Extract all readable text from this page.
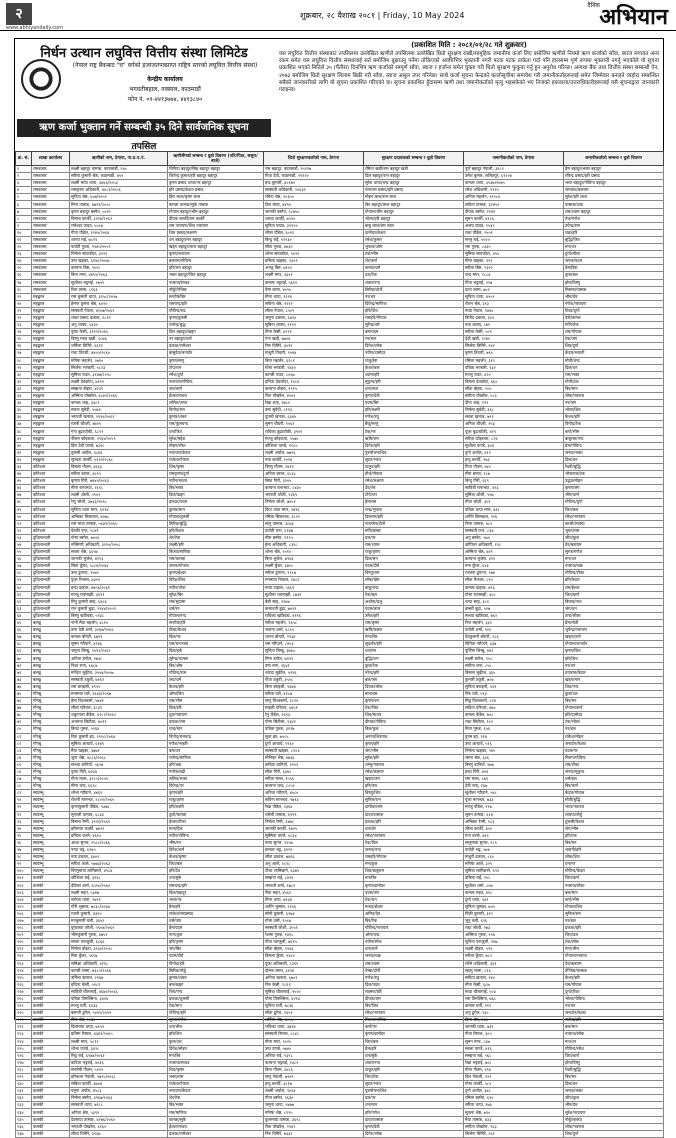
२
www.abhiyandaily.com
शुक्रबार, २८ वैशाख २०८१ | Friday, 10 May 2024
दैनिक अभियान
निर्धन उत्थान लघुवित्त वित्तीय संस्था लिमिटेड
(नेपाल राष्ट्र बैंकबाट "घ" वर्गको इजाजतपत्रप्राप्त राष्ट्रिय स्तरको लघुवित्त वित्तीय संस्था)
केन्द्रीय कार्यालय
भगवतीबहाल, नक्साल, काठमाडौं
फोन नं. ०१-४४१३७७४, ४४१३८४०
ऋण कर्जा भुक्तान गर्ने सम्बन्धी ३५ दिने सार्वजनिक सूचना
तपसिल
(प्रकाशित मिति : २०८१/०१/२८ गते शुक्रवार)
यस लघुवित्त वित्तीय संस्थाबाट तपसिलमा उल्लेखित ऋणीले तपसिलमा उल्लेखित धितो सुरक्षण राखी/सामुहिक जमानीमा कर्जा लिए बमोजिम ऋणीले नियमो ऋण कर्जाको साँवा, ब्याज लगायत अन्य रकम समेत यस लघुवित्त वित्तीय संस्थालाई सर्त बमोजिम बुझाउनु पर्नेमा तोकिएको अवधिभित्र भुक्तानी नगरी पटक पटक ताकेता गर्दा पनि हालसम्म पूर्ण रूपमा भुक्तानी नगर्नु भएकोले यो सूचना प्रकाशित भएको मितिले ३५ (पैंतीस) दिनभित्र ऋण कर्जाको सम्पूर्ण साँवा, ब्याज र हर्जाना समेत चुक्ता गरी धितो सुरक्षण फुकुवा गर्नु हुन अनुरोध गरिन्छ। अन्यथा बैंक तथा वित्तीय संस्था सम्बन्धी ऐन, २०७३ बमोजिम धितो सुरक्षण लिलाम बिक्री गरी साँवा, ब्याज असुल उपर गरिनेछ। साथै कर्जा सूचना केन्द्रको कालोसूचीमा समावेश गरी जमानीकर्ताहरूलाई समेत जिम्मेवार बनाइने व्यहोरा सम्बन्धित सबैको जानकारीको लागि यो सूचना प्रकाशित गरिएको छ। सूचना प्रकाशित हुँदासम्म ऋणी तथा जमानीकर्ताको मृत्यु भइसकेको भए निजको हकवाला/उत्तराधिकारीहरूलाई यसै सूचनाद्वारा जानकारी गराइन्छ।
क्र. सं.	शाखा कार्यालय	ऋणीको नाम, ठेगाना, ना.प्र.प.नं.	ऋणीसँगको सम्बन्ध र धुत्रो विवरण (पति/पिता, ससुरा/बाजे)	धितो सुरक्षणकर्ताको नाम, ठेगाना	सुरक्षण प्रदायकको सम्बन्ध र धुत्रो विवरण	जमानीकर्ताको नाम, ठेगाना	जमानीकर्ताको सम्बन्ध र धुत्रो विवरण
१	रामबजार	लक्ष्मी बहादुर तामाङ, काठमाडौं, २४०	चिनिया बहादुर/सिंह बहादुर बहादुर	राम बहादुर, काठमाडौं, २५१२७	रमिता खत्री/राम बहादुर खत्री	पुर्ण बहादुर नेपाली, ३९८२	प्रेम बहादुर/भक्त बहादुर
२	रामबजार	सरिता कुमारी श्रेष्ठ, काठमाडौं, ४५९	जितेन्द्र कुमार/हरि बहादुर बहादुर	गिता देवी, काठमाडौं, २९१२०	दिल बहादुर/रत्न बहादुर	उमेश कुमार, ललितपुर, ६१२०४	रविन्द्र प्रसाद/हरि प्रसाद
३	रामबजार	लक्ष्मी माया थापा, ३४६६/२०५३	कृष्ण प्रसाद थापा/नर बहादुर	इन्द्र कुमारी, ३०१७२	सुरेश थापा/चन्द्र बहादुर	कमला थापा, ३५३७२/०७५	भरत बहादुर/गोविन्द बहादुर
४	रामबजार	रामकृष्ण अधिकारी, ४०८१/२०५६	हरि प्रसाद/केशव प्रसाद	सरस्वती अधिकारी, २०६३२	नारायण प्रसाद/हरि प्रसाद	रमेश अधिकारी, ९९२५	जगन्नाथ/बलराम
५	रामबजार	सुनिता श्रेष्ठ, ६०७/२०५१	हिरा लाल/कृष्ण लाल	रविना श्रेष्ठ, १०३५५	मोहन लाल/राम लाल	अनिता महर्जन, २९२८४	सुरेश/हरि लाल
६	रामबजार	मिना तामाङ, ४७१९/२०५८	कान्छा तामाङ/सुके तामाङ	दिल माया, ४४९५	बिर बहादुर/लाल बहादुर	सविता तामाङ, ३२४५२	पासाङ/दावा
७	रामबजार	कृष्ण बहादुर बस्नेत, ५०११	गोपाल बहादुर/भीम बहादुर	जानकी बस्नेत, २८७५०	गोपाल/भीम बहादुर	दीपक बस्नेत, ११४९	राम/श्याम बहादुर
८	रामबजार	विमला कार्की, ३२१४/२०६२	दीपक कार्की/राम कार्की	शारदा कार्की, ७५२०	भोला/हरि बहादुर	सुमन कार्की, ४१८६	तेज/गणेश
९	रामबजार	रामेश्वर यादव, ५०८७	राम नारायण/शिव नारायण	सुनिता यादव, ३१२२०	बाबु लाल/राम लाल	अजय यादव, १५३२	उपेन्द्र/राम
१०	रामबजार	गीता पौडेल, २२४५/२०६४	शिव प्रसाद/लक्ष्मण	लीला पौडेल, ६०२१	दामोदर/केशव	राधा पौडेल, २५५१	चक्र/हरि
११	रामबजार	शान्ता राई, ७८२१	धन बहादुर/मन बहादुर	बिन्दु राई, १२९३०	रमेश/कुमार	सन्जु राई, ५५२०	बुद्धि/जित
१२	रामबजार	पार्वती गुरुङ, १९४५/२०५९	खड्ग बहादुर/लाल बहादुर	सीता गुरुङ, ४४३०	भुपाल/ओम	रमा गुरुङ, ८३३०	मन/धन
१३	रामबजार	निर्मला सापकोटा, ३२२१	कृष्ण/नारायण	शोभा सापकोटा, ९०१२	टंक/भीम	सुमित्रा सापकोटा, ४५५	दुर्गा/लीला
१४	रामबजार	उषा खड्का, ६१४०/२०६७	बलराम/गोविन्द	प्रमिला खड्का, २३०९	शेर/कर्ण	मीना खड्का, ९९१	जनक/पदम
१५	रामबजार	कल्पना बिष्ट, ५५२८	हरि/राम बहादुर	अञ्जु बिष्ट, ७१०२	कमल/धर्म	सरिता बिष्ट, १३२०	प्रेम/हिरा
१६	रामबजार	बिना मगर, ४४९२/२०६३	भक्त बहादुर/जित बहादुर	लक्ष्मी मगर, ३३०१	दल/टेक	चन्द्र मगर, १८८४	कुल/बल
१७	रामबजार	सुशीला भट्टराई, २७५१	नवराज/माधव	कमला भट्टराई, ५६१२	शंकर/नन्द	गीता भट्टराई, २२७	होम/विष्णु
१८	रामबजार	रिता लामा, ८१६३	नोर्बु/तेन्जिङ	पेमा लामा, ४०५५	छिरिङ/दोर्जे	दावा लामा, ७०२	मिङमा/पासाङ
१९	महङ्काल	राम कुमारी थापा, ३२५८/२०५७	सन्तोष/बिर	मीना थापा, १२१४	नर/धन	सुनिता थापा, ४५५१	भीम/देव
२०	महङ्काल	हेमन्त कुमार श्रेष्ठ, ६०२०	रामचन्द्र/हरि	सविना श्रेष्ठ, ९२११	दिपेन्द्र/माणिक	रोशन श्रेष्ठ, ३१३	गणेश/नारायण
२१	महङ्काल	सरस्वती नेपाल, ४१०७/२०६१	गोविन्द/रुद्र	लीला नेपाल, ८५०९	हरि/शिव	माया नेपाल, १४४०	टिका/दुर्गा
२२	महङ्काल	शंकर प्रसाद ढकाल, २८१२	कृष्ण/तुलसी	जमुना ढकाल, ६४२०	रामहरि/गोपाल	बिनोद ढकाल, ६२०	देवी/कमल
२३	महङ्काल	अनु शाक्य, ५३३०	राजेन्द्र/बुद्ध	सुबिना शाक्य, ११०९	सुरेन्द्र/धर्म	रुपा शाक्य, ८७१	मणि/तेज
२४	महङ्काल	पुष्पा केसी, ३९११/२०६५	दिल बहादुर/खड्ग	मिना केसी, ४२२१	बम/पदम	सरिता केसी, ५०९	राम/गोपाल
२५	महङ्काल	विष्णु माया खत्री, १८७६	नर बहादुर/कर्ण	गंगा खत्री, ७७०४	रन/मान	देवी खत्री, २२४०	टेक/जंग
२६	महङ्काल	शर्मिला घिमिरे, ६६१२	प्रकाश/रामेश्वर	निरु घिमिरे, ३०२९	दिनेश/लोक	सिर्जना घिमिरे, १४२	शिव/दुर्गा
२७	महङ्काल	राधा तिवारी, ४४०५/२०६०	बासुदेव/जनार्दन	माधुरी तिवारी, ९०४४	नवीन/दामोदर	कृष्ण तिवारी, ७६०	केदार/भवानी
२८	महङ्काल	मनिषा महर्जन, २७९०	कृष्ण/सानु	बिना महर्जन, ६१८१	राजु/हेरा	रमिला महर्जन, ३१२	मोती/चन्द्र
२९	महङ्काल	सिर्जना भण्डारी, ५८२३	टोप/रत्न	गोमा भण्डारी, २४३०	केशर/बल	पवित्रा भण्डारी, ९३२	दिल/धन
३०	महङ्काल	सुमित्रा राउत, ३१४७/२०५८	रमेश/दुर्गा	कान्छी राउत, ८०६७	श्याम/हरि	मञ्जु राउत, ४२०	राम/भक्त
३१	महङ्काल	लक्ष्मी देवकोटा, ७११२	नारायण/गोविन्द	इन्दिरा देवकोटा, १२८४	मुकुन्द/हरि	विमला देवकोटा, ६६०	गोपी/टंक
३२	महङ्काल	सम्झना बोहरा, ४२३९	जय/कर्ण	कल्पना बोहरा, ९९१५	धन/लाल	सीता बोहरा, २०५	बिर/मान
३३	महङ्काल	अस्मिता पोखरेल, ६०३५/२०६६	ईश्वर/माधव	रीता पोखरेल, ४५०९	कृष्ण/देवी	संगीता पोखरेल, ५८३	लोक/नवराज
३४	महङ्काल	कमला शाह, ३३८२	ललित/जगत	रेखा शाह, २७८०	पदम/बिर	दीपा शाह, १९२	नर/जंग
३५	महङ्काल	सपना सुवेदी, ५५७१	विनोद/राम	उमा सुवेदी, ८११३	हरि/लक्ष्मी	निर्मला सुवेदी, ३६८	भोला/शिव
३६	महङ्काल	भगवती खनाल, २९९०/२०६२	कुमार/शंकर	पुतली खनाल, ६३४५	गणेश/रघु	सरला खनाल, ७९१	केशव/हरि
३७	महङ्काल	रजनी चौधरी, ४७२५	राम/फूलचन्द	सुमन चौधरी, १०६२	बैजु/सन्तु	अनिता चौधरी, २५३	विनोद/टेक
३८	महङ्काल	गंगा बुढाथोकी, ६८११	धन/जित	राधिका बुढाथोकी, ३९०२	टेक/नर	पूजा बुढाथोकी, ४१९	कर्ण/भीम
३९	महङ्काल	नीलम कोइराला, २२६४/२०५९	सुरेश/महेश	मञ्जु कोइराला, ५५७०	ऋषि/राम	सरिता कोइराला, ८२६	बाबुराम/नन्द
४०	महङ्काल	हिरा देवी पाण्डे, ७३९८	मोहन/रमेश	कौशिला पाण्डे, ११८०	दिनेश/हरि	सुशीला पाण्डे, ३०४	प्रेम/गोविन्द
४१	महङ्काल	तुलसी अर्याल, ३८४६	नारायण/केदार	लक्ष्मी अर्याल, ७७२६	पुरुषोत्तम/शिव	दुर्गा अर्याल, ६१२	जनक/भक्त
४२	महङ्काल	सुजाता कार्की, ५१२०/२०६८	राजेश/गोपाल	रुपा कार्की, २०१४	सुदन/भरत	इन्दु कार्की, १७३	दिल/धन
४३	कोटेश्वर	बिमला गौतम, ४६६३	शिव/कृष्ण	विष्णु गौतम, ९४११	ठाकुर/हरि	गिता गौतम, ५४०	रेवती/बुद्धि
४४	कोटेश्वर	सरिता बराल, ३०९५	रामकृष्ण/दुर्गा	अनिता बराल, ६५३८	तीर्थ/गोपाल	मीरा बराल, २८७	भोजराज/टंक
४५	कोटेश्वर	कृष्णा गिरी, ७४४०/२०६३	नवीन/माधव	सिता गिरी, ३२०५	रमेश/लक्ष्मण	बिन्दु गिरी, ६६९	उद्धव/मोहन
४६	कोटेश्वर	मीना रानाभाट, २६१८	बिर/भक्त	कल्पना रानाभाट, ८४३०	देव/शेर	सावित्री रानाभाट, ४२३	कृष्ण/जंग
४७	कोटेश्वर	लक्ष्मी ओली, ५९०२	दिल/खड्ग	भगवती ओली, १३६९	टोपे/धन	सुमित्रा ओली, ९०७	भीम/कर्ण
४८	कोटेश्वर	रेणु जोशी, ३७३३/२०६०	प्रकाश/पदम	निर्मला जोशी, ७०५१	हेम/राम	गीता जोशी, ३५१	गोविन्द/दुर्गा
४९	कोटेश्वर	सुनिता थापा मगर, ६२१४	कुमार/मान	दिपा थापा मगर, २४९६	चन्द्र/भुपाल	पवित्रा थापा मगर, ७१८	जित/बल
५०	कोटेश्वर	अम्बिका सिलवाल, ४०७८	गोपाल/तुलसी	रमिला सिलवाल, ९८२२	दिलराम/हरि	शान्ति सिलवाल, २१६	रमेश/नारायण
५१	कोटेश्वर	राम माया तामाङ, ५४३१/२०६५	छिरिङ/बुद्धि	सानु तामाङ, ३८७३	ग्याल्जेन/दोर्जे	निमा तामाङ, ४८२	काजी/लाक्पा
५२	कोटेश्वर	देवकी पन्त, २८४९	हरि/केशव	पार्वती पन्त, ६१४७	मणि/डम्बर	सरस्वती पन्त, ८३४	भुवन/राम
५३	दुधिलाभाती	गोमा बस्नेत, ७००६	शेर/टेक	मीरा बस्नेत, ११२५	दल/नर	अनु बस्नेत, ५७०	जीत/कुल
५४	दुधिलाभाती	रुक्मिणी अधिकारी, ३२९०/२०५८	लक्ष्मी/हरि	हेमा अधिकारी, ८३९८	राम/श्याम	कोपिला अधिकारी, १९८	देव/बलराम
५५	दुधिलाभाती	सरला श्रेष्ठ, ६६५७	बिजय/माणिक	शोभा श्रेष्ठ, २५१०	राजु/कृष्ण	अस्मिता श्रेष्ठ, ७२१	सुरज/गणेश
५६	दुधिलाभाती	जानकी भुजेल, ४१९३	राम/कान्छा	बिना भुजेल, ७९६४	दिल/सन	कल्पना भुजेल, ३९२	मन/धन
५७	दुधिलाभाती	सिता कुँवर, ५८८४/२०६४	जनक/गोपाल	लक्ष्मी कुँवर, ३४०८	पदम/दीर्घ	मना कुँवर, ६४३	नवराज/चक्र
५८	दुधिलाभाती	उमा ढुंगाना, २५७२	कृष्ण/ईश्वर	सरिता ढुंगाना, ९१८७	विष्णु/राम	रञ्जना ढुंगाना, २७४	गोविन्द/टीका
५९	दुधिलाभाती	पुजा रिजाल, ७३२५	दिनेश/शिव	मनमाया रिजाल, १४८२	लोक/खेम	सीता रिजाल, ८९५	हरि/केदार
६०	दुधिलाभाती	इन्द्रा दाहाल, ४७५६/२०६१	नवीन/तोया	माया दाहाल, ५६६१	बाबु/चन्द्र	कमला दाहाल, ४१३	राम/ईश्वर
६१	दुधिलाभाती	मञ्जु रायमाझी, ३६९१	सुरेश/बिर	सुशीला रायमाझी, ८७३९	टेक/बल	गोमा रायमाझी, ६०८	जित/कर्ण
६२	दुधिलाभाती	मिनु कुमारी साह, ६३०३	राम/सुदामा	बेबी साह, २२७४	अशोक/प्रभु	चन्दा साह, ३८१	बिजय/नाथ
६३	दुधिलाभाती	रत्न कुमारी बुढा, २९४४/२०५९	धर्म/रन	कलावती बुढा, ७०२९	पदम/लाल	डम्बरी बुढा, ५२७	जंग/धन
६४	दुधिलाभाती	बिष्णु खतिवडा, ५१३८	गोपाल/नन्द	राधिका खतिवडा, ४११६	उमेश/हरि	सन्ध्या खतिवडा, ७६२	तारा/लीला
६५	बल्खु	नानी मैया महर्जन, ४८१०	सन्तोष/हरि	सरिता महर्जन, १३५८	राम/कृष्ण	रिना महर्जन, ३३२	प्रेम/मोती
६६	बल्खु	तारा देवी शर्मा, ३०६७/२०६६	टीका/केशव	भावना शर्मा, ६८२५	ऋषि/कमल	पार्वती शर्मा, ९०१	भुपेन्द्र/नारायण
६७	बल्खु	कमला बोगटी, ६७१९	दिल/नर	शान्ता बोगटी, २९३४	मान/बिर	देवकुमारी बोगटी, २८६	खड्ग/कर्ण
६८	बल्खु	सुष्मा न्यौपाने, ४२४६	राम/धनञ्जय	रमा न्यौपाने, ८४५३	सुदर्शन/हरि	विनिता न्यौपाने, ६३७	गोपाल/जनार्दन
६९	बल्खु	जमुना लिम्बु, ५५९२/२०६२	दिल/हर्क	सुनिता लिम्बु, ३७६०	धन/मन	पूर्णिमा लिम्बु, ४४९	कृष्ण/जित
७०	बल्खु	अनिता डंगोल, २७३८	सुरेन्द्र/कान्छा	मिना डंगोल, ७१०९	बुद्धि/रत्न	लक्ष्मी डंगोल, १५८	हरि/शिव
७१	बल्खु	निशा राना, ६४८७	बिर/ओम	उषा राना, १६४१	कुल/टेक	संगीता राना, ८५५	नर/धन
७२	बल्खु	मन्दिरा लुईटेल, ३५५४/२०५७	गोविन्द/राम	शारदा लुईटेल, ५२९६	नरेन्द्र/हरि	बिमला लुईटेल, ३६५	दयाराम/केदार
७३	बल्खु	सरस्वती ठकुरी, ७१६२	जय/धर्म	गीता ठकुरी, ३५२८	बल/जंग	कुमारी ठकुरी, ७०४	खड्ग/मान
७४	बल्खु	रमा बराइली, ४९२५	केशव/हरि	बिना बराइली, ९६७४	दिपक/लोक	सुनिता बराइली, २३१	शिव/नन्द
७५	गोंगबु	मनमाया घले, २६४३/२०६७	ओम/जित	सरिता घले, ४२८७	मान/बम	निरु घले, ५९३	कुल/दल
७६	गोंगबु	हेमा विश्वकर्मा, ५७४१	राम/भीम	सानु विश्वकर्मा, १८१५	कृष्ण/धन	मिठु विश्वकर्मा, ८२४	बिर/मन
७७	गोंगबु	लीला परियार, ३८३९	दिल/हरि	माइली परियार, ६४५१	टेक/जित	सविता परियार, ४७०	गोपाल/कर्ण
७८	गोंगबु	शकुन्तला कँडेल, ६९८२/२०६०	ध्रुव/नारायण	रेनु कँडेल, २६९३	शिव/माधव	कमला कँडेल, ७९८	हरि/दामोदर
७९	गोंगबु	अञ्जना सिटौला, ४०११	प्रकाश/राम	गोमा सिटौला, ९३४२	दीपक/गोविन्द	राधा सिटौला, १०२	टंक/भोला
८०	गोंगबु	बिन्दा गुरुङ, ५२६४	चन्द्र/मान	पवित्रा गुरुङ, ३११७	डिल/कुल	मिना गुरुङ, ६५६	नर/बल
८१	गोंगबु	रिता कुमारी झा, २९१८/२०६४	विनोद/रामचन्द्र	सुधा झा, ७५८५	अरुण/शिवनाथ	पुनम झा, २१४	राकेश/मोहन
८२	गोंगबु	सुमित्रा आचार्य, ६१४९	गणेश/नरहरि	दुर्गा आचार्य, १९६०	कृष्ण/हरि	उषा आचार्य, ५१६	जनार्दन/केशव
८३	गोंगबु	मैया खड्का, ३७७१	बम/धन	सरस्वती खड्का, ८२०३	जंग/भीम	निर्मला खड्का, ९४५	पदम/नर
८४	गोंगबु	जुना श्रेष्ठ, ४८८६/२०६८	राजेन्द्र/माणिक	मोनिका श्रेष्ठ, ४७३६	सुरेश/हरि	रसना श्रेष्ठ, ३३६	मिलन/गोविन्द
८५	गोंगबु	सन्ध्या बानियाँ, ५६२७	हरि/चक्र	कविता बानियाँ, २२०९	शम्भु/नवराज	बिष्णु बानियाँ, ६७७	राम/टीका
८६	गोंगबु	पुष्पा गिरी, ७२३४	मनोज/बद्री	सीता गिरी, ६३४८	रमेश/लक्ष्मण	इन्द्रा गिरी, ४०६	जनक/मुकुन्द
८७	गोंगबु	गीता मल्ल, ३१८५/२०५९	ललित/भक्त	सरिता मल्ल, १५९६	खड्ग/जंग	रमा मल्ल, ८७९	धर्म/बल
८८	गोंगबु	मीना चन्द, ६६९८	दिपेन्द्र/नर	कल्पना चन्द, ८८५२	हरि/जय	देवी चन्द, १६७	बिर/कर्ण
८९	स्वयम्भू	शोभा न्यौपाने, ४४६९	कृष्ण/हरि	अनिता न्यौपाने, ४०८०	बिष्णु/शिव	सुशीला न्यौपाने, ५४८	केदार/गोपाल
९०	स्वयम्भू	रोशनी मानन्धर, २८०२/२०६५	राजु/कृष्ण	सविना मानन्धर, ९७१३	सुनिल/रत्न	पूजा मानन्धर, ७३३	मोती/बुद्धि
९१	स्वयम्भू	कृष्णकुमारी पौडेल, ५३७६	हरि/लक्ष्मी	रेखा पौडेल, २३६४	दामोदर/राम	मञ्जु पौडेल, २९७	भरत/नवराज
९२	स्वयम्भू	सुन्तली तामाङ, ६८३३	ठूलो/कान्छा	चमेली तामाङ, ६९१९	दावा/पासाङ	सुमन तामाङ, ६१४	लाक्पा/नोर्बु
९३	स्वयम्भू	बिमला रेग्मी, ३९२१/२०६१	ईश्वर/टीका	निर्मला रेग्मी, ३४७८	प्रकाश/हरि	अम्बिका रेग्मी, ९८३	तुलसी/केशव
९४	स्वयम्भू	हरिमाया कार्की, ७४२२	मान/दिल	जानकी कार्की, १७२५	धन/शेर	लीला कार्की, ४५२	जंग/भीम
९५	स्वयम्भू	प्रमिला वाग्ले, ४६१०	नवीन/गोविन्द	सुस्मिता वाग्ले, ५८३४	रमेश/नारायण	गंगा वाग्ले, ७११	हरि/टंक
९६	स्वयम्भू	आशा सुनार, २५८८/२०६६	भीम/रन	माया सुनार, ९२५७	टेक/दिल	सानुमाया सुनार, १८९	बिर/मन
९७	स्वयम्भू	नन्दा भट्ट, ६२४५	दिनेश/धर्म	कमला भट्ट, ३९९१	जनक/नन्द	पार्वती भट्ट, ५७४	भवानी/हरि
९८	स्वयम्भू	रुपा ढकाल, ३४०२	केशव/कृष्ण	सीता ढकाल, ७४६६	रामहरि/गोपाल	माधुरी ढकाल, ८६०	लोक/शिव
९९	स्वयम्भू	सरिता आले, ५७७३/२०६३	जित/बल	अनु आले, २८१८	मन/कुल	मनिषा आले, ३२९	धन/नर
१००	स्वयम्भू	विष्णुमाया लामिछाने, ४९८४	हरि/देव	टीका लामिछाने, ६३७९	शिव/बाबुराम	सुमित्रा लामिछाने, ६९२	गोविन्द/केदार
१०१	कलंकी	कौशिला राई, ३१६८	धन/सुके	सम्झना राई, ८४२६	मन/बिर	प्रमिला राई, २५८	जित/कर्ण
१०२	कलंकी	देविका शर्मा, ६५१०/२०६०	रामचन्द्र/हरि	भगवती शर्मा, १७८९	कृष्ण/दामोदर	सुशीला शर्मा, ८०७	नवराज/टीका
१०३	कलंकी	लक्ष्मी महत, ५३४७	दिल/बहादुर	रीता महत, ४५६२	पदम/जंग	कमला महत, ४१८	बल/मान
१०४	कलंकी	सरोजा थापा, २७२१	भरत/नर	मिना थापा, ७९३४	टेक/धन	दुर्गा थापा, ५३९	कर्ण/भीम
१०५	कलंकी	गौरी भुसाल, ७०३८/२०६७	प्रेम/हरि	शान्ति भुसाल, २१०६	माधव/ईश्वर	सुनिता भुसाल, ७५५	गोपाल/शिव
१०६	कलंकी	रजनी कुमारी, ४३९५	राजेश/रामप्रसाद	सोनी कुमारी, ६२७३	अमित/देव	पिंकी कुमारी, ३१२	सुनिल/राम
१०७	कलंकी	मनकुमारी वली, ३६५२	धर्म/जय	गोमा वली, ९०८७	बिर/टेक	जुनु वली, ६२६	नर/बल
१०८	कलंकी	पुष्पलता जोशी, ५९०४/२०६२	हेम/पदम	सरस्वती जोशी, ३५५१	गोविन्द/नारायण	राधा जोशी, २७३	प्रकाश/हरि
१०९	कलंकी	भीमकुमारी गुरुङ, ४७५९	मान/कुल	रेशमा गुरुङ, १४२८	ओम/चन्द्र	अस्मिता गुरुङ, ९१४	जित/दल
११०	कलंकी	सरला पराजुली, ६८६६	हरि/कृष्ण	गीता पराजुली, ७६९५	नवीन/रमेश	सुनिता पराजुली, १४७	टंक/लोक
१११	कलंकी	निर्मला बोहरा, ३२३०/२०५८	जंग/बिर	सीता बोहरा, ५९४३	धन/कर्ण	लक्ष्मी बोहरा, ५९९	मान/भीम
११२	कलंकी	मिरा कुँवर, ५६१७	पदम/दीर्घ	बिमला कुँवर, २४८०	जनक/चक्र	सरिता कुँवर, ७८२	गोपाल/नवराज
११३	कलंकी	समिक्षा अधिकारी, ४११८	विनोद/हरि	पूजा अधिकारी, ८३९१	राम/श्याम	रश्मि अधिकारी, ३६१	देव/बलराम
११४	कलंकी	कान्छी लामा, ७३८५/२०६४	छिरिङ/नोर्बु	दोल्मा लामा, ३१५४	पेम्बा/दोर्जे	ल्हामु लामा, ८१६	तेन्जिङ/पासाङ
११५	कलंकी	उर्मिला खनाल, २९४७	कुमार/शंकर	अनिता खनाल, ६७०२	गणेश/रघु	सविता खनाल, २४०	केशव/हरि
११६	कलंकी	इन्दिरा केसी, ५२८१	बम/खड्ग	निरु केसी, १८६९	दिल/पदम	मीना केसी, ६८७	राम/गोपाल
११७	कलंकी	सावित्री चौलागाईं, ४६७२/२०६६	शिव/नन्द	सुमित्रा चौलागाईं, ९५२०	लक्ष्मण/हरि	माया चौलागाईं, ५०३	दुर्गा/टीका
११८	कलंकी	पवित्रा तिमल्सिना, ३४०६	प्रकाश/तुलसी	गोमा तिमल्सिना, ४२१३	दीपक/राम	रमा तिमल्सिना, ७६८	भोला/गोविन्द
११९	कलंकी	मञ्जु घर्ती, ६२३३	टेक/मान	सुनिता घर्ती, ७८३६	बिर/जित	कमला घर्ती, २१९	नर/धन
१२०	कलंकी	बसन्ती ढुंगेल, ५०९५/२०५९	गोविन्द/हरि	सीता ढुंगेल, १६५१	रमेश/नारायण	अनु ढुंगेल, ९३०	जनार्दन/केशव
१२१	कलंकी	रीना श्रेष्ठ, २८६४	सुरज/गणेश	शर्मिला श्रेष्ठ, ६०५७	मिलन/माणिक	बिना श्रेष्ठ, ४६४	राजेन्द्र/हरि
१२२	कलंकी	दिलमाया थापा, ७१५९	धन/भीम	राधिका थापा, ३७९४	कर्ण/नर	जानकी थापा, ७३९	बल/मान
१२३	कलंकी	प्रतिमा रिमाल, ४३४१/२०६५	हरि/शिव	सरस्वती रिमाल, ८८४८	कृष्ण/दामोदर	गीता रिमाल, ३०५	नवराज/लोक
१२४	कलंकी	लक्ष्मी मगर, ५८१२	कुल/दल	मीना मगर, २०२५	जित/बल	सुमन मगर, ८३७	मन/धन
१२५	कलंकी	शोभा पाण्डे, ३६२८	दिनेश/मोहन	उषा पाण्डे, ५७४०	प्रेम/हरि	सरला पाण्डे, ४१६	गोविन्द/रमेश
१२६	कलंकी	मिठु राई, ६९७४/२०६१	मन/बिर	अनिता राई, ९३९८	धन/सुके	सम्झना राई, ५६८	जित/कर्ण
१२७	कलंकी	कविता भट्टराई, ४०३६	नवराज/माधव	कल्पना भट्टराई, १३८२	शंकर/नन्द	रेखा भट्टराई, ७०८	होम/विष्णु
१२८	कलंकी	सन्तोषी गौतम, ५२५९	शिव/कृष्ण	बिना गौतम, ६४८६	ठाकुर/हरि	मीना गौतम, २९४	रेवती/बुद्धि
१२९	कलंकी	हरिकला नेपाली, २७९५/२०६८	भक्त/राम	सानु नेपाली, ७२४९	जित/टेक	दिल नेपाली, ९२२	बिर/मन
१३०	कलंकी	सबिता कार्की, ६७०४	राजेश/गोपाल	इन्दु कार्की, ३८१७	सुदन/भरत	गोमा कार्की, ५८५	दिल/धन
१३१	कलंकी	यमुना अर्याल, ४५८३	नारायण/केदार	लक्ष्मी अर्याल, ९०६४	पुरुषोत्तम/शिव	दुर्गा अर्याल, ३४८	जनक/भक्त
१३२	कलंकी	निर्मला बस्नेत, ३९६७/२०६३	शेर/टेक	गीता बस्नेत, २६३०	दल/नर	रमिला बस्नेत, ६१०	जीत/कुल
१३३	कलंकी	सरस्वती थापा, ७२८८	बिर/भक्त	जमुना थापा, ५४७७	धन/मान	सरिता थापा, १७६	भीम/देव
१३४	कलंकी	अनिता श्रेष्ठ, ५३९२	राम/माणिक	मनिषा श्रेष्ठ, ८१२५	हरि/गणेश	सुजना श्रेष्ठ, ७९०	सुरेश/नारायण
१३५	कलंकी	देवमाया तामाङ, ४२७६/२०६०	कान्छा/सुके	फुलमाया तामाङ, ३६९८	दावा/पासाङ	मैया तामाङ, ४३३	नोर्बु/लाक्पा
१३६	कलंकी	भगवती पोखरेल, ६१६५	ईश्वर/माधव	रीता पोखरेल, १९४१	कृष्ण/देवी	संगीता पोखरेल, ९६३	लोक/नवराज
१३७	कलंकी	लीला घिमिरे, ३१३७	प्रकाश/रामेश्वर	निरु घिमिरे, ७३३२	दिनेश/लोक	सिर्जना घिमिरे, २६१	शिव/दुर्गा
